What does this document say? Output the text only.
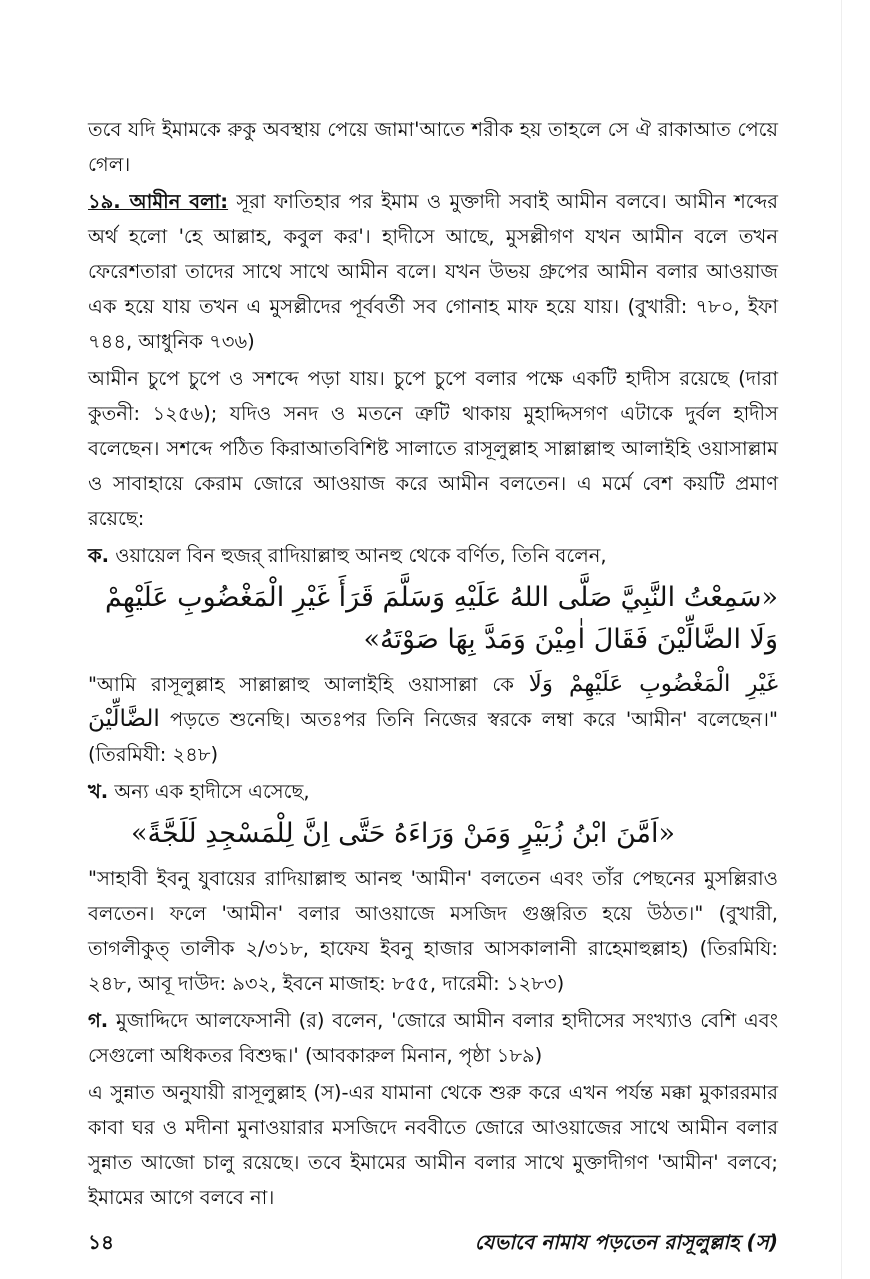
তবে যদি ইমামকে রুকু অবস্থায় পেয়ে জামা'আতে শরীক হয় তাহলে সে ঐ রাকাআত পেয়ে গেল।

১৯. আমীন বলা: সূরা ফাতিহার পর ইমাম ও মুক্তাদী সবাই আমীন বলবে। আমীন শব্দের অর্থ হলো 'হে আল্লাহ, কবুল কর'। হাদীসে আছে, মুসল্লীগণ যখন আমীন বলে তখন ফেরেশতারা তাদের সাথে সাথে আমীন বলে। যখন উভয় গ্রুপের আমীন বলার আওয়াজ এক হয়ে যায় তখন এ মুসল্লীদের পূর্ববর্তী সব গোনাহ মাফ হয়ে যায়। (বুখারী: ৭৮০, ইফা ৭৪৪, আধুনিক ৭৩৬)

আমীন চুপে চুপে ও সশব্দে পড়া যায়। চুপে চুপে বলার পক্ষে একটি হাদীস রয়েছে (দারা কুতনী: ১২৫৬); যদিও সনদ ও মতনে ত্রুটি থাকায় মুহাদ্দিসগণ এটাকে দুর্বল হাদীস বলেছেন। সশব্দে পঠিত কিরাআতবিশিষ্ট সালাতে রাসূলুল্লাহ সাল্লাল্লাহু আলাইহি ওয়াসাল্লাম ও সাবাহায়ে কেরাম জোরে আওয়াজ করে আমীন বলতেন। এ মর্মে বেশ কয়টি প্রমাণ রয়েছে:

ক. ওয়ায়েল বিন হুজর্ রাদিয়াল্লাহু আনহু থেকে বর্ণিত, তিনি বলেন,

«سَمِعْتُ النَّبِيَّ صَلَّى اللهُ عَلَيْهِ وَسَلَّمَ قَرَأَ غَيْرِ الْمَغْضُوبِ عَلَيْهِمْ وَلَا الضَّالِّيْنَ فَقَالَ اٰمِيْنَ وَمَدَّ بِهَا صَوْتَهُ»

"আমি রাসূলুল্লাহ সাল্লাল্লাহু আলাইহি ওয়াসাল্লা কে غَيْرِ الْمَغْضُوبِ عَلَيْهِمْ وَلَا الضَّالِّيْنَ পড়তে শুনেছি। অতঃপর তিনি নিজের স্বরকে লম্বা করে 'আমীন' বলেছেন।" (তিরমিযী: ২৪৮)

খ. অন্য এক হাদীসে এসেছে,

«اَمَّنَ ابْنُ زُبَيْرٍ وَمَنْ وَرَاءَهُ حَتَّى اِنَّ لِلْمَسْجِدِ لَلَجَّةً»

"সাহাবী ইবনু যুবায়ের রাদিয়াল্লাহু আনহু 'আমীন' বলতেন এবং তাঁর পেছনের মুসল্লিরাও বলতেন। ফলে 'আমীন' বলার আওয়াজে মসজিদ গুঞ্জরিত হয়ে উঠত।" (বুখারী, তাগলীকুত্ তালীক ২/৩১৮, হাফেয ইবনু হাজার আসকালানী রাহেমাহুল্লাহ) (তিরমিযি: ২৪৮, আবূ দাউদ: ৯৩২, ইবনে মাজাহ: ৮৫৫, দারেমী: ১২৮৩)

গ. মুজাদ্দিদে আলফেসানী (র) বলেন, 'জোরে আমীন বলার হাদীসের সংখ্যাও বেশি এবং সেগুলো অধিকতর বিশুদ্ধ।' (আবকারুল মিনান, পৃষ্ঠা ১৮৯)

এ সুন্নাত অনুযায়ী রাসূলুল্লাহ (স)-এর যামানা থেকে শুরু করে এখন পর্যন্ত মক্কা মুকাররমার কাবা ঘর ও মদীনা মুনাওয়ারার মসজিদে নববীতে জোরে আওয়াজের সাথে আমীন বলার সুন্নাত আজো চালু রয়েছে। তবে ইমামের আমীন বলার সাথে মুক্তাদীগণ 'আমীন' বলবে; ইমামের আগে বলবে না।

১৪	যেভাবে নামায পড়তেন রাসূলুল্লাহ (স)
